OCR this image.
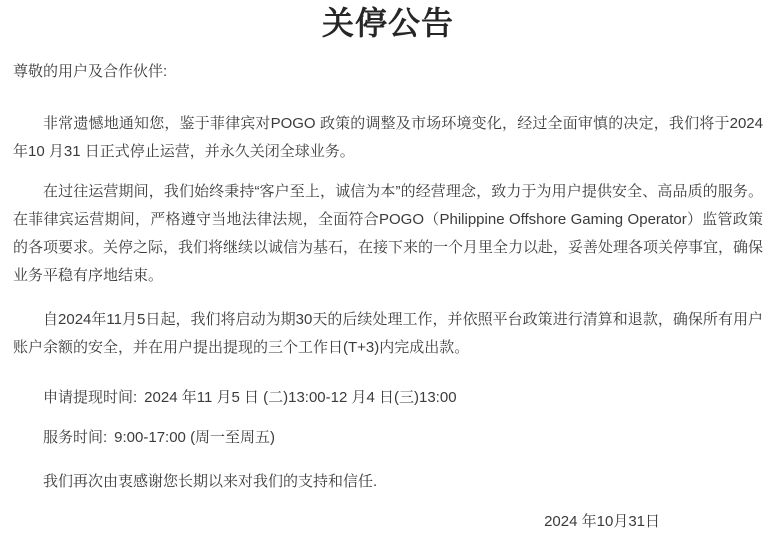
关停公告

尊敬的用户及合作伙伴:

非常遗憾地通知您，鉴于菲律宾对POGO 政策的调整及市场环境变化，经过全面审慎的决定，我们将于2024 年10 月31 日正式停止运营，并永久关闭全球业务。

在过往运营期间，我们始终秉持“客户至上，诚信为本”的经营理念，致力于为用户提供安全、高品质的服务。在菲律宾运营期间，严格遵守当地法律法规，全面符合POGO（Philippine Offshore Gaming Operator）监管政策的各项要求。关停之际，我们将继续以诚信为基石，在接下来的一个月里全力以赴，妥善处理各项关停事宜，确保业务平稳有序地结束。

自2024年11月5日起，我们将启动为期30天的后续处理工作，并依照平台政策进行清算和退款，确保所有用户账户余额的安全，并在用户提出提现的三个工作日(T+3)内完成出款。

申请提现时间: 2024 年11 月5 日 (二)13:00-12 月4 日(三)13:00

服务时间: 9:00-17:00 (周一至周五)

我们再次由衷感谢您长期以来对我们的支持和信任.

2024 年10月31日
